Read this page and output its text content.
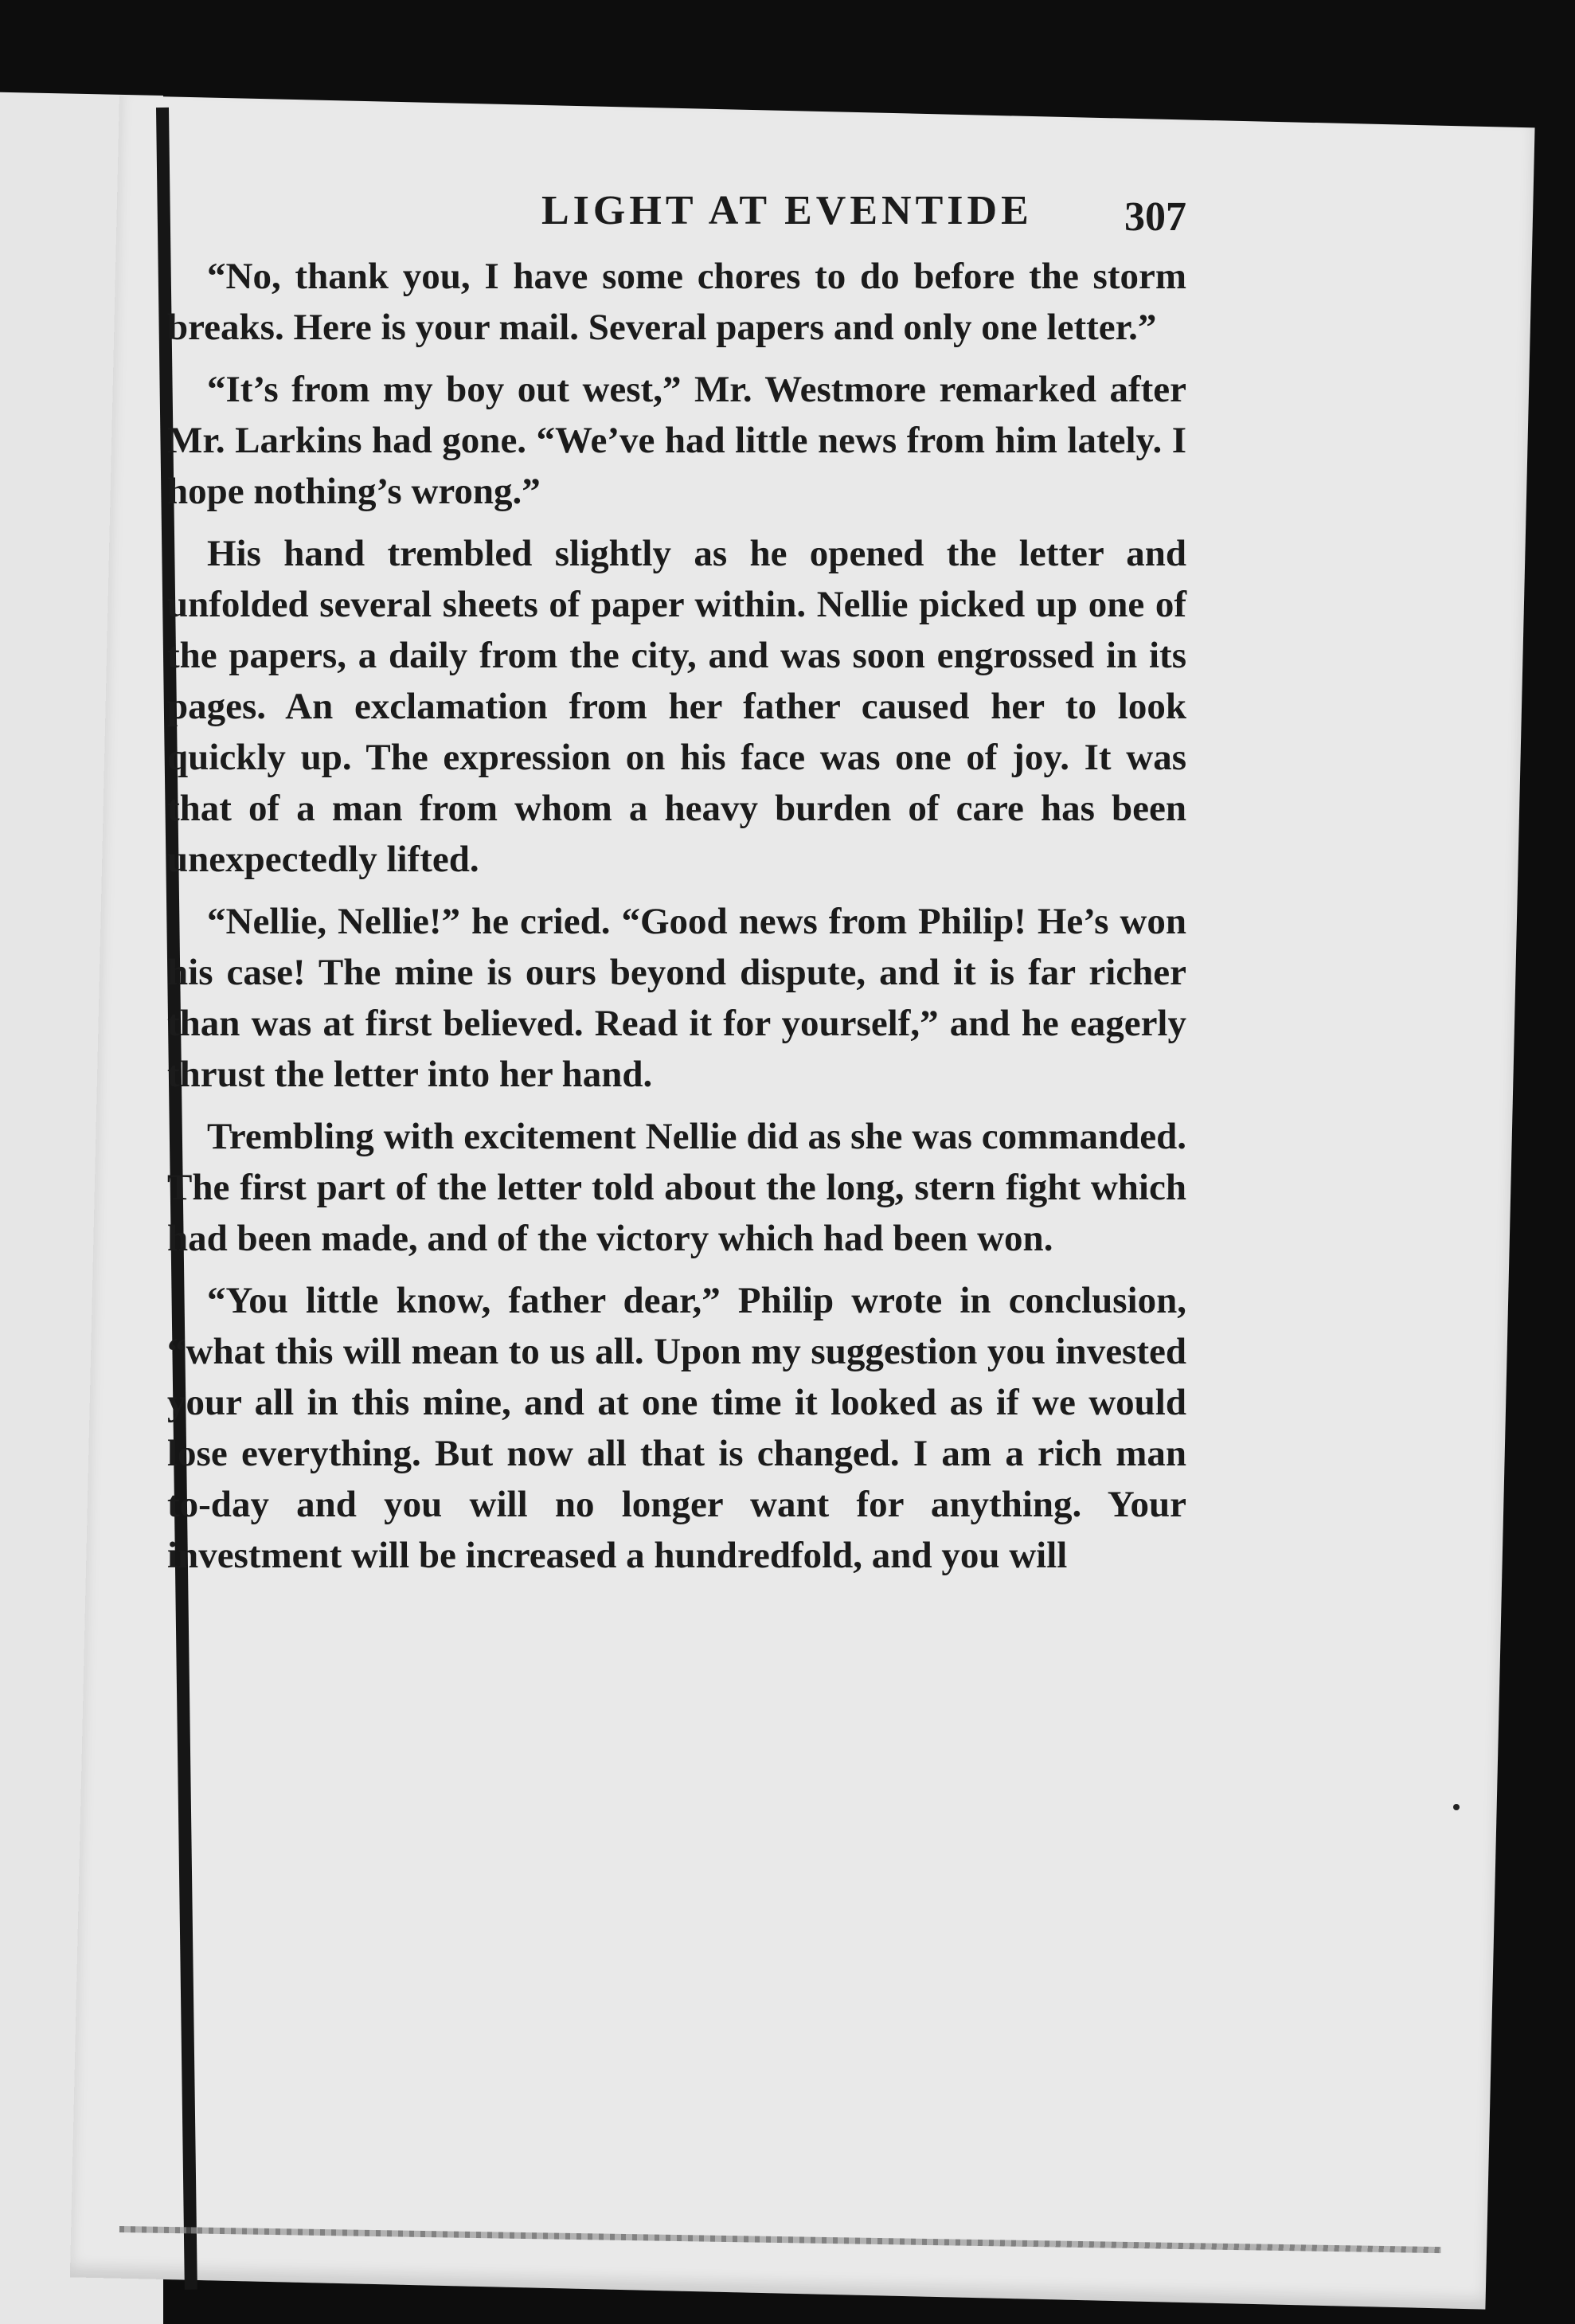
LIGHT AT EVENTIDE 307

“No, thank you, I have some chores to do before the storm breaks. Here is your mail. Several papers and only one letter.”

“It’s from my boy out west,” Mr. Westmore remarked after Mr. Larkins had gone. “We’ve had little news from him lately. I hope nothing’s wrong.”

His hand trembled slightly as he opened the letter and unfolded several sheets of paper within. Nellie picked up one of the papers, a daily from the city, and was soon engrossed in its pages. An exclamation from her father caused her to look quickly up. The expression on his face was one of joy. It was that of a man from whom a heavy burden of care has been unexpectedly lifted.

“Nellie, Nellie!” he cried. “Good news from Philip! He’s won his case! The mine is ours beyond dispute, and it is far richer than was at first believed. Read it for yourself,” and he eagerly thrust the letter into her hand.

Trembling with excitement Nellie did as she was commanded. The first part of the letter told about the long, stern fight which had been made, and of the victory which had been won.

“You little know, father dear,” Philip wrote in conclusion, “what this will mean to us all. Upon my suggestion you invested your all in this mine, and at one time it looked as if we would lose everything. But now all that is changed. I am a rich man to-day and you will no longer want for anything. Your investment will be increased a hundredfold, and you will
